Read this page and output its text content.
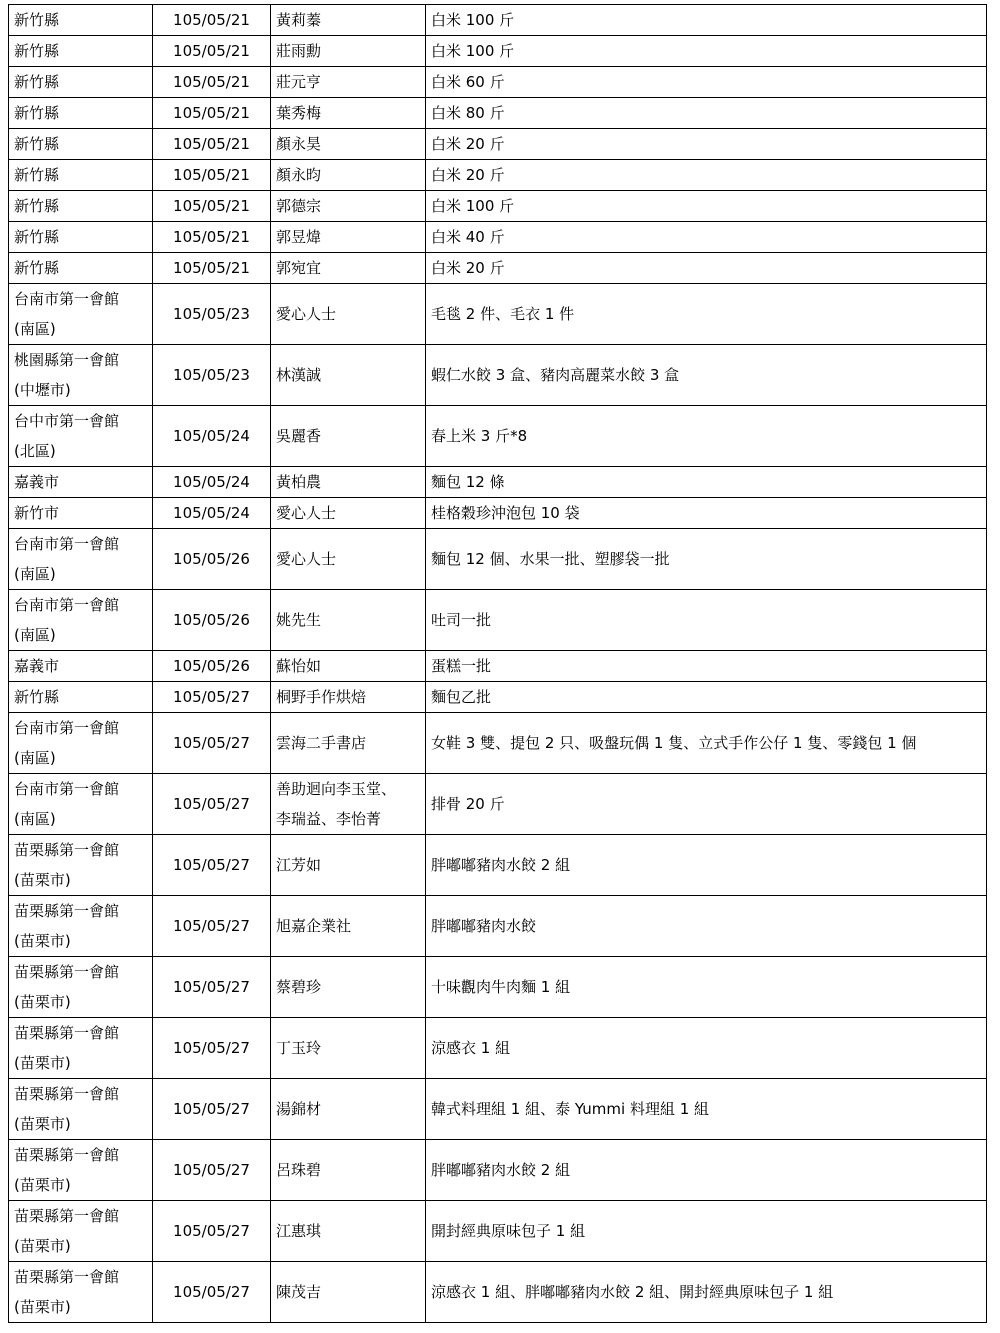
新竹縣	105/05/21	黃莉蓁	白米 100 斤

新竹縣	105/05/21	莊雨勳	白米 100 斤

新竹縣	105/05/21	莊元亨	白米 60 斤

新竹縣	105/05/21	葉秀梅	白米 80 斤

新竹縣	105/05/21	顏永昊	白米 20 斤

新竹縣	105/05/21	顏永昀	白米 20 斤

新竹縣	105/05/21	郭德宗	白米 100 斤

新竹縣	105/05/21	郭昱煒	白米 40 斤

新竹縣	105/05/21	郭宛宜	白米 20 斤

台南市第一會館
(南區)	105/05/23	愛心人士	毛毯 2 件、毛衣 1 件

桃園縣第一會館
(中壢市)	105/05/23	林漢誠	蝦仁水餃 3 盒、豬肉高麗菜水餃 3 盒

台中市第一會館
(北區)	105/05/24	吳麗香	春上米 3 斤*8

嘉義市	105/05/24	黃柏農	麵包 12 條

新竹市	105/05/24	愛心人士	桂格穀珍沖泡包 10 袋

台南市第一會館
(南區)	105/05/26	愛心人士	麵包 12 個、水果一批、塑膠袋一批

台南市第一會館
(南區)	105/05/26	姚先生	吐司一批

嘉義市	105/05/26	蘇怡如	蛋糕一批

新竹縣	105/05/27	桐野手作烘焙	麵包乙批

台南市第一會館
(南區)	105/05/27	雲海二手書店	女鞋 3 雙、提包 2 只、吸盤玩偶 1 隻、立式手作公仔 1 隻、零錢包 1 個

台南市第一會館
(南區)	105/05/27	善助迴向李玉堂、
李瑞益、李怡菁	排骨 20 斤

苗栗縣第一會館
(苗栗市)	105/05/27	江芳如	胖嘟嘟豬肉水餃 2 組

苗栗縣第一會館
(苗栗市)	105/05/27	旭嘉企業社	胖嘟嘟豬肉水餃

苗栗縣第一會館
(苗栗市)	105/05/27	蔡碧珍	十味觀肉牛肉麵 1 組

苗栗縣第一會館
(苗栗市)	105/05/27	丁玉玲	涼感衣 1 組

苗栗縣第一會館
(苗栗市)	105/05/27	湯錦材	韓式料理組 1 組、泰 Yummi 料理組 1 組

苗栗縣第一會館
(苗栗市)	105/05/27	呂珠碧	胖嘟嘟豬肉水餃 2 組

苗栗縣第一會館
(苗栗市)	105/05/27	江惠琪	開封經典原味包子 1 組

苗栗縣第一會館
(苗栗市)	105/05/27	陳茂吉	涼感衣 1 組、胖嘟嘟豬肉水餃 2 組、開封經典原味包子 1 組
